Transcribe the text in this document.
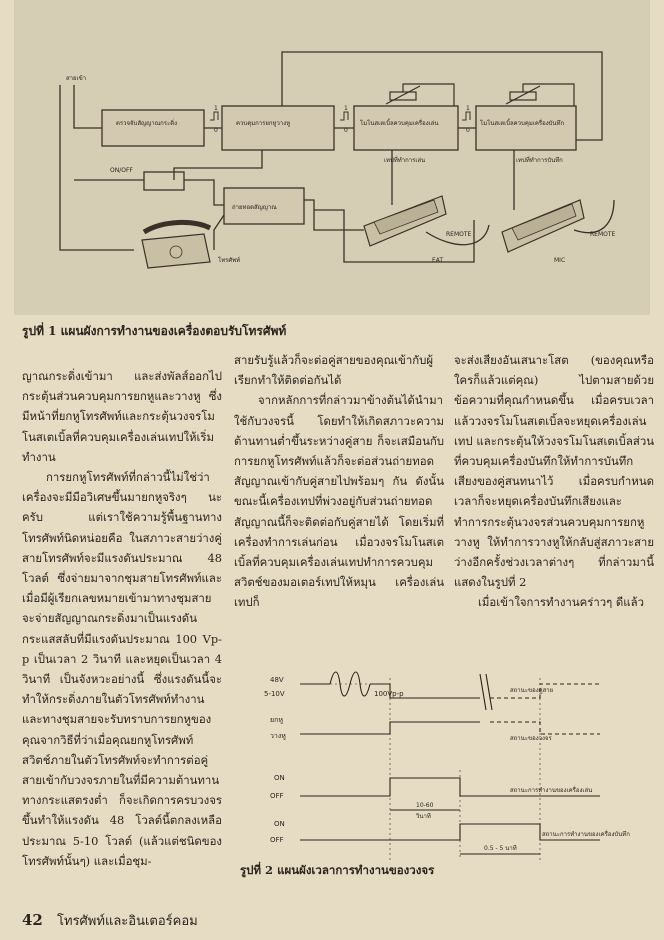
สายเข้า
ตรวจจับสัญญาณกระดิ่ง	ควบคุมการยกหูวางหู	โมโนสเตเบิ้ลควบคุมเครื่องเล่น	โมโนสเตเบิ้ลควบคุมเครื่องบันทึก
ON/OFF
ถ่ายทอดสัญญาณ
โทรศัพท์
เทปที่ทำการเล่น	เทปที่ทำการบันทึก
REMOTE	REMOTE
EAT	MIC
1
0
1
0
1
0
รูปที่ 1 แผนผังการทำงานของเครื่องตอบรับโทรศัพท์

ญาณกระดิ่งเข้ามา และส่งพัลส์ออกไปกระตุ้นส่วนควบคุมการยกหูและวางหู ซึ่งมีหน้าที่ยกหูโทรศัพท์และกระตุ้นวงจรโมโนสเตเบิ้ลที่ควบคุมเครื่องเล่นเทปให้เริ่มทำงาน

การยกหูโทรศัพท์ที่กล่าวนี้ไม่ใช่ว่าเครื่องจะมีมือวิเศษขึ้นมายกหูจริงๆ นะครับ แต่เราใช้ความรู้พื้นฐานทางโทรศัพท์นิดหน่อยคือ ในสภาวะสายว่างคู่สายโทรศัพท์จะมีแรงดันประมาณ 48 โวลต์ ซึ่งจ่ายมาจากชุมสายโทรศัพท์และเมื่อมีผู้เรียกเลขหมายเข้ามาทางชุมสายจะจ่ายสัญญาณกระดิ่งมาเป็นแรงดันกระแสสลับที่มีแรงดันประมาณ 100 Vp-p เป็นเวลา 2 วินาที และหยุดเป็นเวลา 4 วินาที เป็นจังหวะอย่างนี้ ซึ่งแรงดันนี้จะทำให้กระดิ่งภายในตัวโทรศัพท์ทำงานและทางชุมสายจะรับทราบการยกหูของคุณจากวิธีที่ว่าเมื่อคุณยกหูโทรศัพท์ สวิตช์ภายในตัวโทรศัพท์จะทำการต่อคู่สายเข้ากับวงจรภายในที่มีความต้านทานทางกระแสตรงต่ำ ก็จะเกิดการครบวงจรขึ้นทำให้แรงดัน 48 โวลต์นี้ตกลงเหลือประมาณ 5-10 โวลต์ (แล้วแต่ชนิดของโทรศัพท์นั้นๆ) และเมื่อชุม-

สายรับรู้แล้วก็จะต่อคู่สายของคุณเข้ากับผู้เรียกทำให้ติดต่อกันได้

จากหลักการที่กล่าวมาข้างต้นได้นำมาใช้กับวงจรนี้ โดยทำให้เกิดสภาวะความต้านทานต่ำขึ้นระหว่างคู่สาย ก็จะเสมือนกับการยกหูโทรศัพท์แล้วก็จะต่อส่วนถ่ายทอดสัญญาณเข้ากับคู่สายไปพร้อมๆ กัน ดังนั้นขณะนี้เครื่องเทปที่พ่วงอยู่กับส่วนถ่ายทอดสัญญาณนี้ก็จะติดต่อกับคู่สายได้ โดยเริ่มที่เครื่องทำการเล่นก่อน เมื่อวงจรโมโนสเตเบิ้ลที่ควบคุมเครื่องเล่นเทปทำการควบคุมสวิตช์ของมอเตอร์เทปให้หมุน เครื่องเล่นเทปก็

จะส่งเสียงอันเสนาะโสต (ของคุณหรือใครก็แล้วแต่คุณ) ไปตามสายด้วยข้อความที่คุณกำหนดขึ้น เมื่อครบเวลาแล้ววงจรโมโนสเตเบิ้ลจะหยุดเครื่องเล่นเทป และกระตุ้นให้วงจรโมโนสเตเบิ้ลส่วนที่ควบคุมเครื่องบันทึกให้ทำการบันทึกเสียงของคู่สนทนาไว้ เมื่อครบกำหนดเวลาก็จะหยุดเครื่องบันทึกเสียงและทำการกระตุ้นวงจรส่วนควบคุมการยกหูวางหู ให้ทำการวางหูให้กลับสู่สภาวะสายว่างอีกครั้งช่วงเวลาต่างๆ ที่กล่าวมานี้แสดงในรูปที่ 2

เมื่อเข้าใจการทำงานคร่าวๆ ดีแล้ว

48V
5-10V	100Vp-p	สถานะของคู่สาย
ยกหู
วางหู	สถานะของวงจร
ON
OFF
สถานะการทำงานของเครื่องเล่น
10-60
วินาที
ON
OFF
สถานะการทำงานของเครื่องบันทึก
0.5 - 5 นาที
รูปที่ 2 แผนผังเวลาการทำงานของวงจร
42 โทรศัพท์และอินเตอร์คอม
